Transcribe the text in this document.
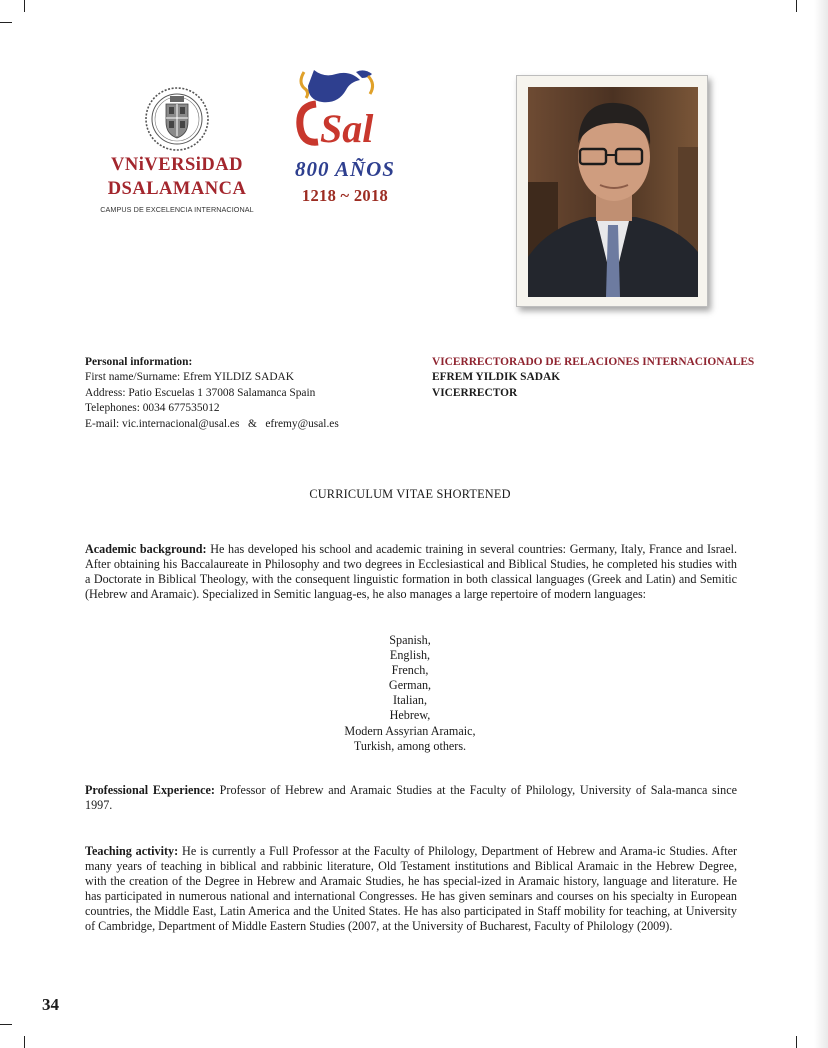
VNiVERSiDAD
DSALAMANCA
CAMPUS DE EXCELENCIA INTERNACIONAL
Sal
800 AÑOS
1218 ~ 2018
Personal information:
First name/Surname: Efrem YILDIZ SADAK
Address: Patio Escuelas 1 37008 Salamanca Spain
Telephones: 0034 677535012
E-mail: vic.internacional@usal.es   &   efremy@usal.es
VICERRECTORADO DE RELACIONES INTERNACIONALES
EFREM YILDIK SADAK
VICERRECTOR
CURRICULUM VITAE SHORTENED
Academic background: He has developed his school and academic training in several countries: Germany, Italy, France and Israel. After obtaining his Baccalaureate in Philosophy and two degrees in Ecclesiastical and Biblical Studies, he completed his studies with a Doctorate in Biblical Theology, with the consequent linguistic formation in both classical languages (Greek and Latin) and Semitic (Hebrew and Aramaic). Specialized in Semitic languag-es, he also manages a large repertoire of modern languages:
Spanish,
English,
French,
German,
Italian,
Hebrew,
Modern Assyrian Aramaic,
Turkish, among others.
Professional Experience: Professor of Hebrew and Aramaic Studies at the Faculty of Philology, University of Sala-manca since 1997.
Teaching activity: He is currently a Full Professor at the Faculty of Philology, Department of Hebrew and Arama-ic Studies. After many years of teaching in biblical and rabbinic literature, Old Testament institutions and Biblical Aramaic in the Hebrew Degree, with the creation of the Degree in Hebrew and Aramaic Studies, he has special-ized in Aramaic history, language and literature. He has participated in numerous national and international Congresses. He has given seminars and courses on his specialty in European countries, the Middle East, Latin America and the United States. He has also participated in Staff mobility for teaching, at University of Cambridge, Department of Middle Eastern Studies (2007, at the University of Bucharest, Faculty of Philology (2009).
34
